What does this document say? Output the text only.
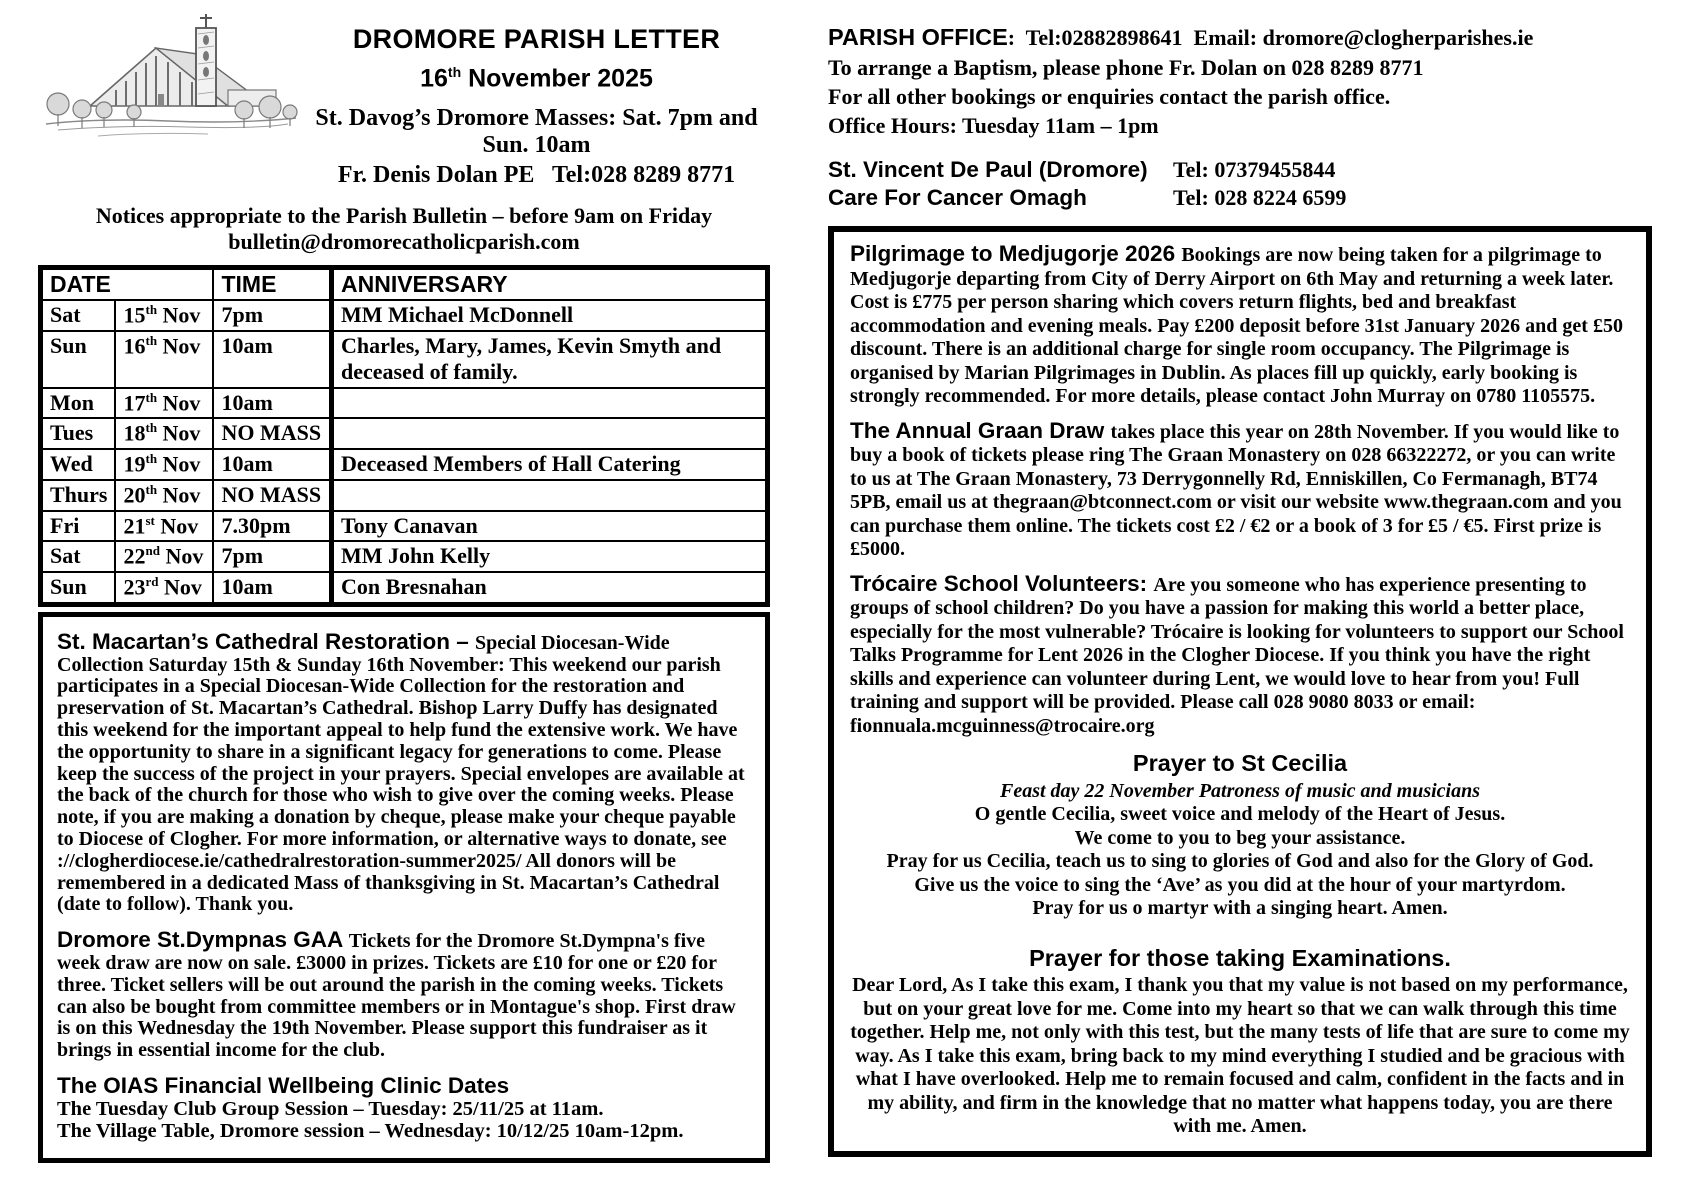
DROMORE PARISH LETTER
16th November 2025
St. Davog’s Dromore Masses: Sat. 7pm and Sun. 10am
Fr. Denis Dolan PE   Tel:028 8289 8771
Notices appropriate to the Parish Bulletin – before 9am on Friday
bulletin@dromorecatholicparish.com
DATE		TIME	ANNIVERSARY
Sat	15th Nov	7pm	MM Michael McDonnell
Sun	16th Nov	10am	Charles, Mary, James, Kevin Smyth and deceased of family.
Mon	17th Nov	10am	
Tues	18th Nov	NO MASS	
Wed	19th Nov	10am	Deceased Members of Hall Catering
Thurs	20th Nov	NO MASS	
Fri	21st Nov	7.30pm	Tony Canavan
Sat	22nd Nov	7pm	MM John Kelly
Sun	23rd Nov	10am	Con Bresnahan

St. Macartan’s Cathedral Restoration – Special Diocesan-Wide Collection Saturday 15th & Sunday 16th November: This weekend our parish participates in a Special Diocesan-Wide Collection for the restoration and preservation of St. Macartan’s Cathedral. Bishop Larry Duffy has designated this weekend for the important appeal to help fund the extensive work. We have the opportunity to share in a significant legacy for generations to come. Please keep the success of the project in your prayers. Special envelopes are available at the back of the church for those who wish to give over the coming weeks. Please note, if you are making a donation by cheque, please make your cheque payable to Diocese of Clogher. For more information, or alternative ways to donate, see ://clogherdiocese.ie/cathedralrestoration-summer2025/ All donors will be remembered in a dedicated Mass of thanksgiving in St. Macartan’s Cathedral (date to follow). Thank you.

Dromore St.Dympnas GAA Tickets for the Dromore St.Dympna's five week draw are now on sale. £3000 in prizes. Tickets are £10 for one or £20 for three. Ticket sellers will be out around the parish in the coming weeks. Tickets can also be bought from committee members or in Montague's shop. First draw is on this Wednesday the 19th November. Please support this fundraiser as it brings in essential income for the club.

The OIAS Financial Wellbeing Clinic Dates
The Tuesday Club Group Session – Tuesday: 25/11/25 at 11am.
The Village Table, Dromore session – Wednesday: 10/12/25 10am-12pm.
PARISH OFFICE:  Tel:02882898641  Email: dromore@clogherparishes.ie
To arrange a Baptism, please phone Fr. Dolan on 028 8289 8771
For all other bookings or enquiries contact the parish office.
Office Hours: Tuesday 11am – 1pm
St. Vincent De Paul (Dromore)	Tel: 07379455844
Care For Cancer Omagh	Tel: 028 8224 6599

Pilgrimage to Medjugorje 2026 Bookings are now being taken for a pilgrimage to Medjugorje departing from City of Derry Airport on 6th May and returning a week later. Cost is £775 per person sharing which covers return flights, bed and breakfast accommodation and evening meals. Pay £200 deposit before 31st January 2026 and get £50 discount. There is an additional charge for single room occupancy. The Pilgrimage is organised by Marian Pilgrimages in Dublin. As places fill up quickly, early booking is strongly recommended. For more details, please contact John Murray on 0780 1105575.

The Annual Graan Draw takes place this year on 28th November. If you would like to buy a book of tickets please ring The Graan Monastery on 028 66322272, or you can write to us at The Graan Monastery, 73 Derrygonnelly Rd, Enniskillen, Co Fermanagh, BT74 5PB, email us at thegraan@btconnect.com or visit our website www.thegraan.com and you can purchase them online. The tickets cost £2 / €2 or a book of 3 for £5 / €5. First prize is £5000.

Trócaire School Volunteers: Are you someone who has experience presenting to groups of school children? Do you have a passion for making this world a better place, especially for the most vulnerable? Trócaire is looking for volunteers to support our School Talks Programme for Lent 2026 in the Clogher Diocese. If you think you have the right skills and experience can volunteer during Lent, we would love to hear from you! Full training and support will be provided. Please call 028 9080 8033 or email: fionnuala.mcguinness@trocaire.org

Prayer to St Cecilia
Feast day 22 November Patroness of music and musicians
O gentle Cecilia, sweet voice and melody of the Heart of Jesus.
We come to you to beg your assistance.
Pray for us Cecilia, teach us to sing to glories of God and also for the Glory of God.
Give us the voice to sing the ‘Ave’ as you did at the hour of your martyrdom.
Pray for us o martyr with a singing heart. Amen.
Prayer for those taking Examinations.
Dear Lord, As I take this exam, I thank you that my value is not based on my performance, but on your great love for me. Come into my heart so that we can walk through this time together. Help me, not only with this test, but the many tests of life that are sure to come my way. As I take this exam, bring back to my mind everything I studied and be gracious with what I have overlooked. Help me to remain focused and calm, confident in the facts and in my ability, and firm in the knowledge that no matter what happens today, you are there with me. Amen.
